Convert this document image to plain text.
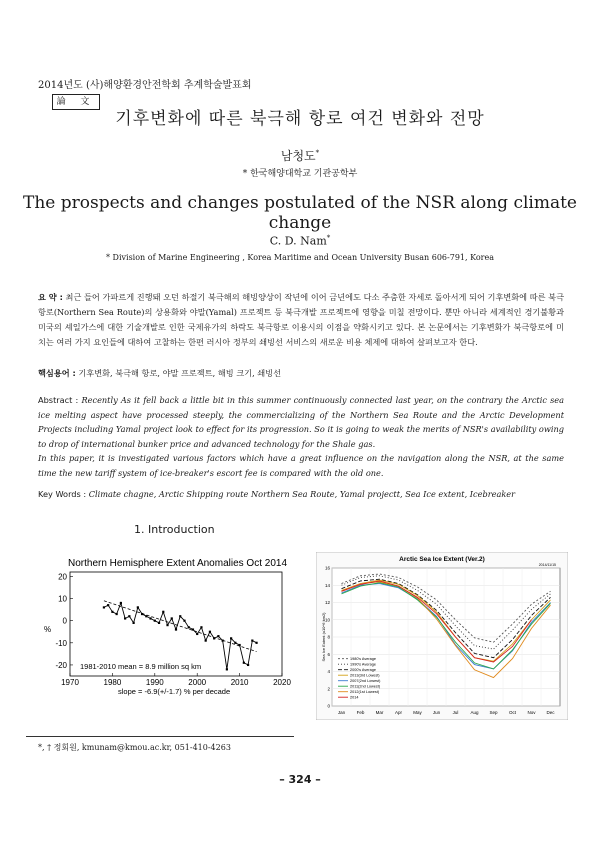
2014년도 (사)해양환경안전학회 추계학술발표회
論 文
기후변화에 따른 북극해 항로 여건 변화와 전망
남청도*
* 한국해양대학교 기관공학부
The prospects and changes postulated of the NSR along climate change
C. D. Nam*
* Division of Marine Engineering , Korea Maritime and Ocean University Busan 606-791, Korea
요 약 : 최근 들어 가파르게 진행돼 오던 하절기 북극해의 해빙양상이 작년에 이어 금년에도 다소 주춤한 자세로 돌아서게 되어 기후변화에 따른 북극항로(Northern Sea Route)의 상용화와 야말(Yamal) 프로젝트 등 북극개발 프로젝트에 영향을 미칠 전망이다. 뿐만 아니라 세계적인 경기불황과 미국의 셰일가스에 대한 기술개발로 인한 국제유가의 하락도 북극항로 이용시의 이점을 약화시키고 있다. 본 논문에서는 기후변화가 북극항로에 미치는 여러 가지 요인들에 대하여 고찰하는 한편 러시아 정부의 쇄빙선 서비스의 새로운 비용 체제에 대하여 살펴보고자 한다.
핵심용어 : 기후변화, 북극해 항로, 야말 프로젝트, 해빙 크기, 쇄빙선
Abstract : Recently As it fell back a little bit in this summer continuously connected last year, on the contrary the Arctic sea ice melting aspect have processed steeply, the commercializing of the Northern Sea Route and the Arctic Development Projects including Yamal project look to effect for its progression. So it is going to weak the merits of NSR's availability owing to drop of international bunker price and advanced technology for the Shale gas.
In this paper, it is investigated various factors which have a great influence on the navigation along the NSR, at the same time the new tariff system of ice-breaker's escort fee is compared with the old one.
Key Words : Climate chagne, Arctic Shipping route Northern Sea Route, Yamal projectt, Sea Ice extent, Icebreaker
1. Introduction
Northern Hemisphere Extent Anomalies Oct 2014
%
1970	1980	1990	2000	2010	2020
20
10
0
-10
-20 1981-2010 mean = 8.9 million sq km
slope = -6.9(+/-1.7) % per decade
Arctic Sea Ice Extent (Ver.2)
2014/11/15
Sea Ice Extent (x10^6 km2)
0
2
4
6
8
10
12
14
16
Jan	Feb Mar	Apr May Jun	Jul	Aug Sep	Oct	Nov Dec
1980's Average
1990's Average
2000's Average
2013(3rd Lowest)
2007(2nd Lowest)
2011(2nd Lowest)
2012(1st Lowest)
2014
*, † 정회원, kmunam@kmou.ac.kr, 051-410-4263
– 324 –
